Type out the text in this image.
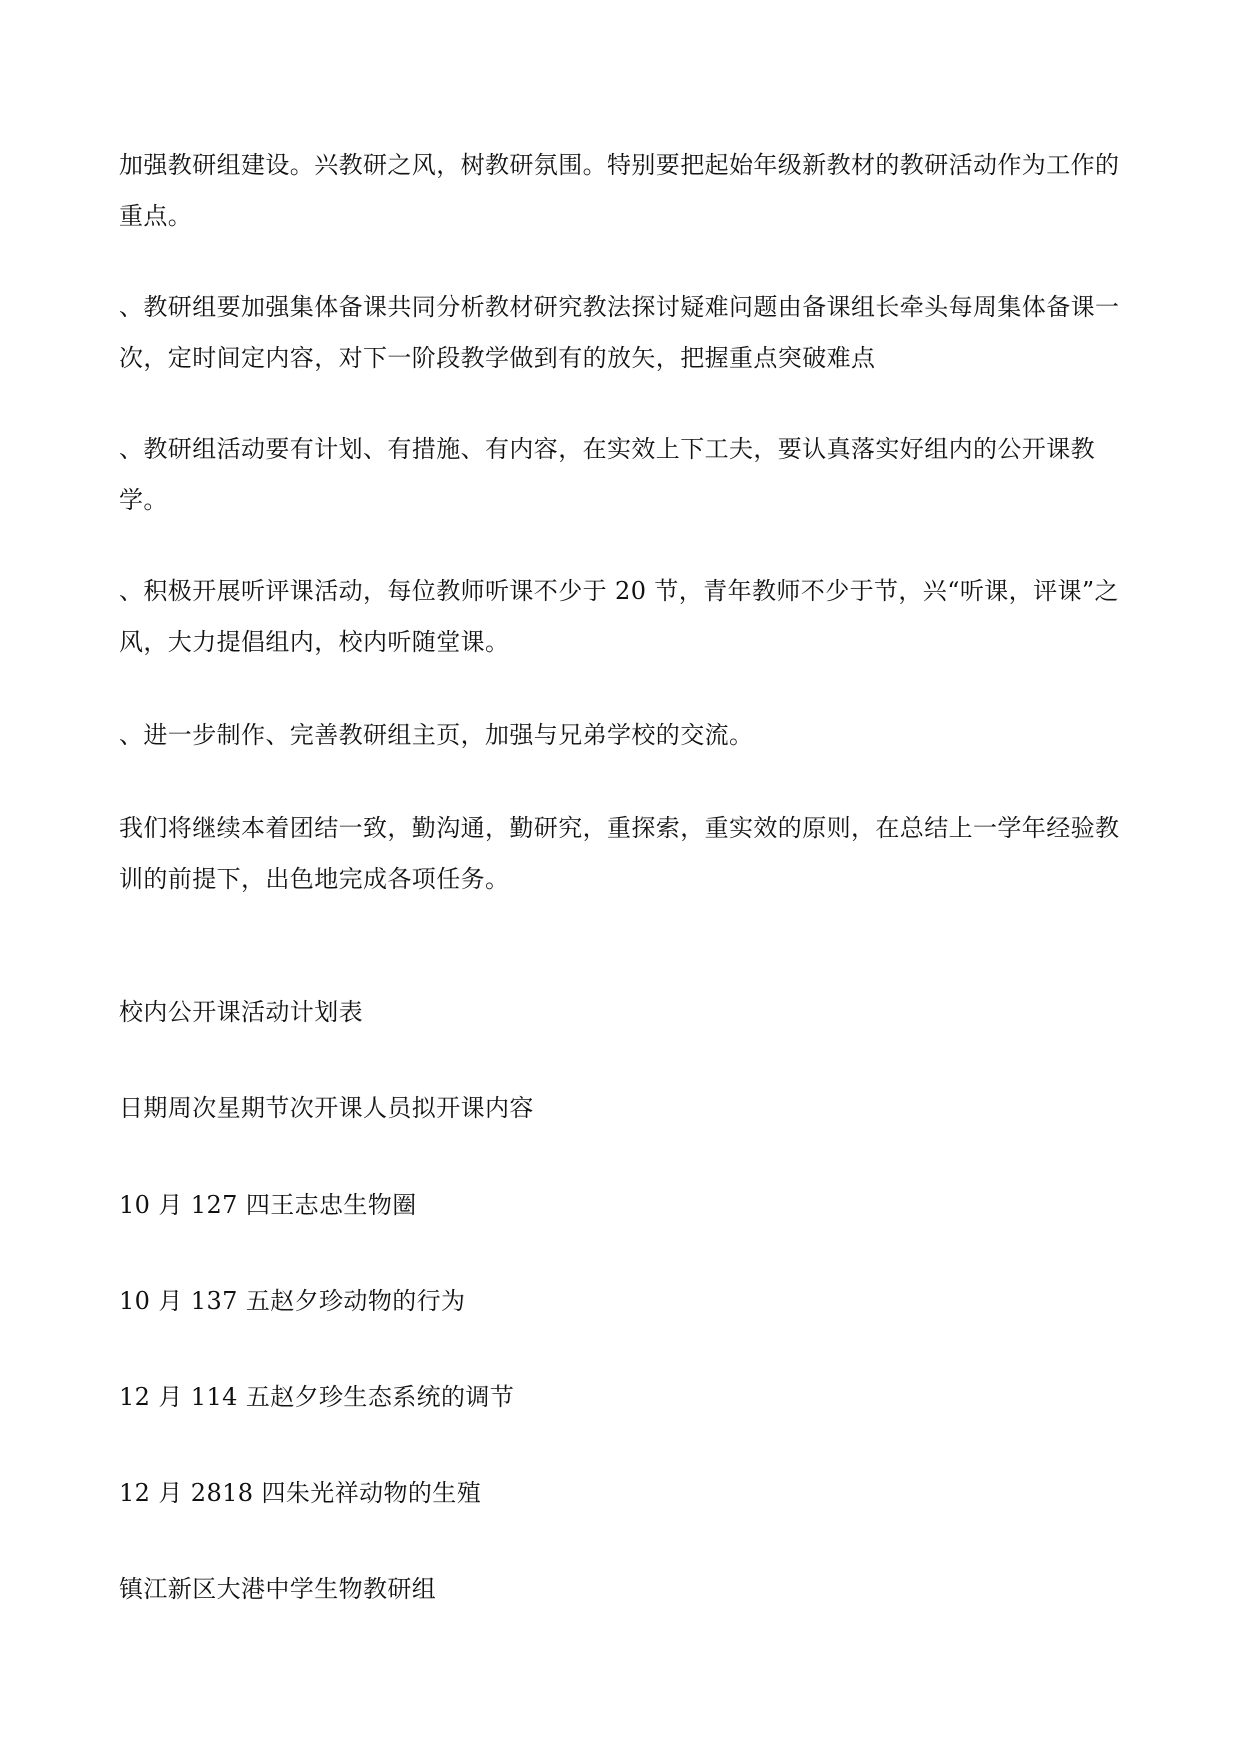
加强教研组建设。兴教研之风，树教研氛围。特别要把起始年级新教材的教研活动作为工作的重点。

、教研组要加强集体备课共同分析教材研究教法探讨疑难问题由备课组长牵头每周集体备课一次，定时间定内容，对下一阶段教学做到有的放矢，把握重点突破难点

、教研组活动要有计划、有措施、有内容，在实效上下工夫，要认真落实好组内的公开课教学。

、积极开展听评课活动，每位教师听课不少于 20 节，青年教师不少于节，兴“听课，评课”之风，大力提倡组内，校内听随堂课。

、进一步制作、完善教研组主页，加强与兄弟学校的交流。

我们将继续本着团结一致，勤沟通，勤研究，重探索，重实效的原则，在总结上一学年经验教训的前提下，出色地完成各项任务。

校内公开课活动计划表

日期周次星期节次开课人员拟开课内容

10 月 127 四王志忠生物圈

10 月 137 五赵夕珍动物的行为

12 月 114 五赵夕珍生态系统的调节

12 月 2818 四朱光祥动物的生殖

镇江新区大港中学生物教研组
